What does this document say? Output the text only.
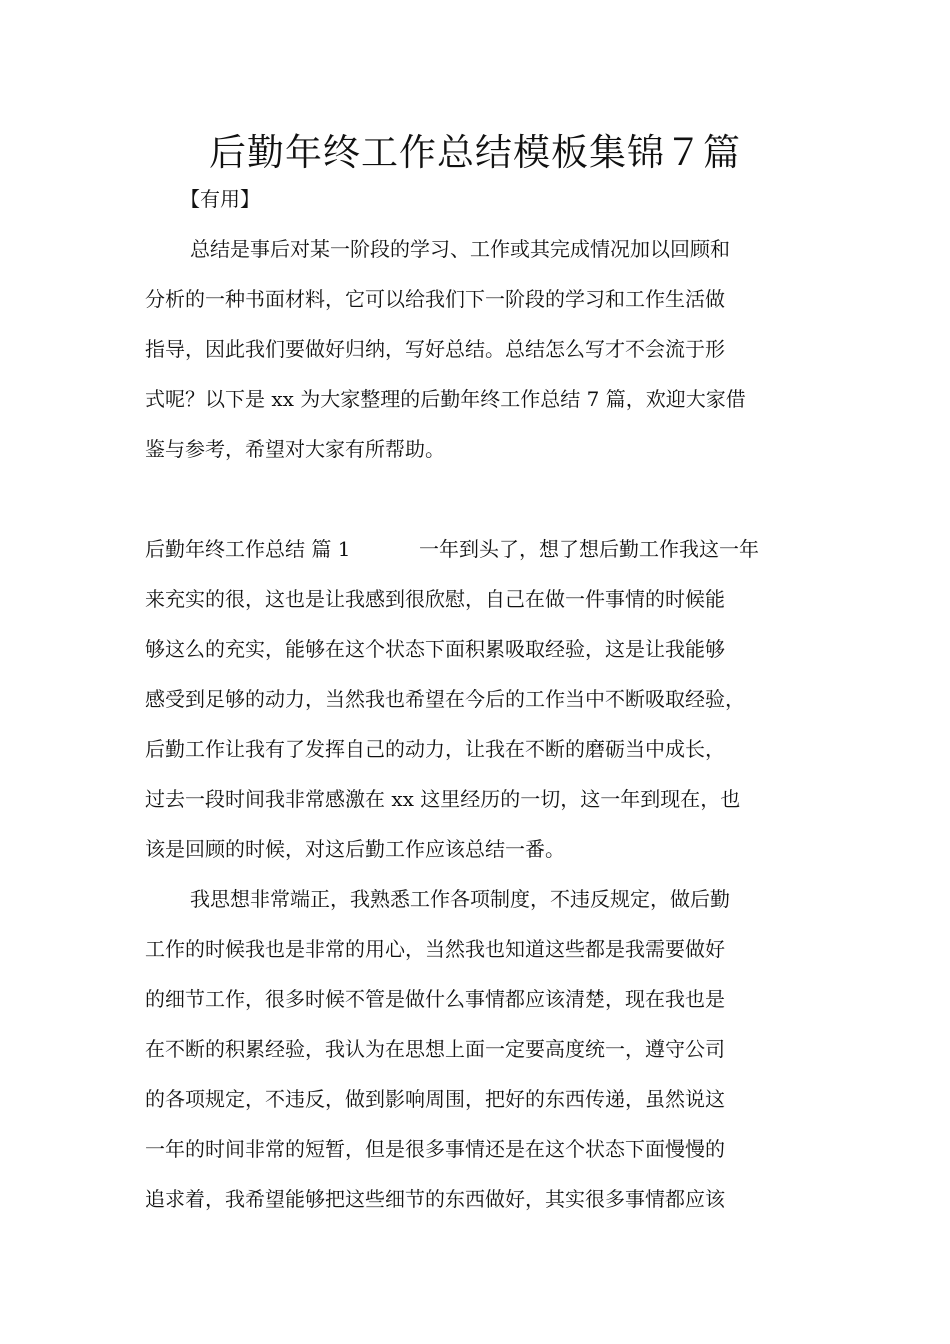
后勤年终工作总结模板集锦７篇
【有用】
总结是事后对某一阶段的学习、工作或其完成情况加以回顾和
分析的一种书面材料，它可以给我们下一阶段的学习和工作生活做
指导，因此我们要做好归纳，写好总结。总结怎么写才不会流于形
式呢？以下是 xx 为大家整理的后勤年终工作总结 7 篇，欢迎大家借
鉴与参考，希望对大家有所帮助。
后勤年终工作总结 篇 1	一年到头了，想了想后勤工作我这一年
来充实的很，这也是让我感到很欣慰，自己在做一件事情的时候能
够这么的充实，能够在这个状态下面积累吸取经验，这是让我能够
感受到足够的动力，当然我也希望在今后的工作当中不断吸取经验，
后勤工作让我有了发挥自己的动力，让我在不断的磨砺当中成长，
过去一段时间我非常感激在 xx 这里经历的一切，这一年到现在，也
该是回顾的时候，对这后勤工作应该总结一番。
我思想非常端正，我熟悉工作各项制度，不违反规定，做后勤
工作的时候我也是非常的用心，当然我也知道这些都是我需要做好
的细节工作，很多时候不管是做什么事情都应该清楚，现在我也是
在不断的积累经验，我认为在思想上面一定要高度统一，遵守公司
的各项规定，不违反，做到影响周围，把好的东西传递，虽然说这
一年的时间非常的短暂，但是很多事情还是在这个状态下面慢慢的
追求着，我希望能够把这些细节的东西做好，其实很多事情都应该
